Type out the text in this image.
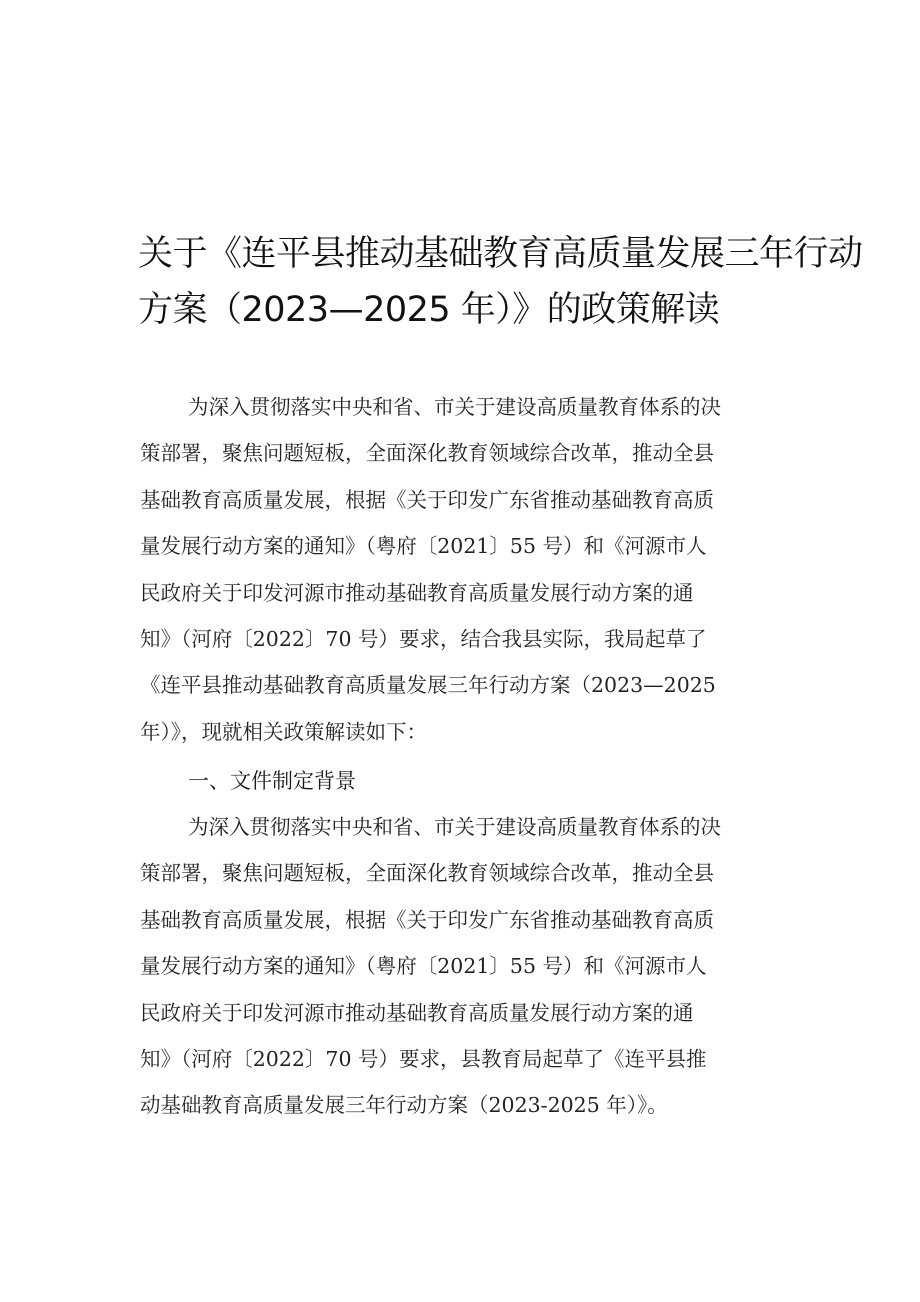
关于《连平县推动基础教育高质量发展三年行动
方案（2023—2025 年）》的政策解读
为深入贯彻落实中央和省、市关于建设高质量教育体系的决
策部署，聚焦问题短板，全面深化教育领域综合改革，推动全县
基础教育高质量发展，根据《关于印发广东省推动基础教育高质
量发展行动方案的通知》（粤府〔2021〕55 号）和《河源市人
民政府关于印发河源市推动基础教育高质量发展行动方案的通
知》（河府〔2022〕70 号）要求，结合我县实际，我局起草了
《连平县推动基础教育高质量发展三年行动方案（2023—2025
年）》，现就相关政策解读如下：
一、文件制定背景
为深入贯彻落实中央和省、市关于建设高质量教育体系的决
策部署，聚焦问题短板，全面深化教育领域综合改革，推动全县
基础教育高质量发展，根据《关于印发广东省推动基础教育高质
量发展行动方案的通知》（粤府〔2021〕55 号）和《河源市人
民政府关于印发河源市推动基础教育高质量发展行动方案的通
知》（河府〔2022〕70 号）要求，县教育局起草了《连平县推
动基础教育高质量发展三年行动方案（2023-2025 年）》。
